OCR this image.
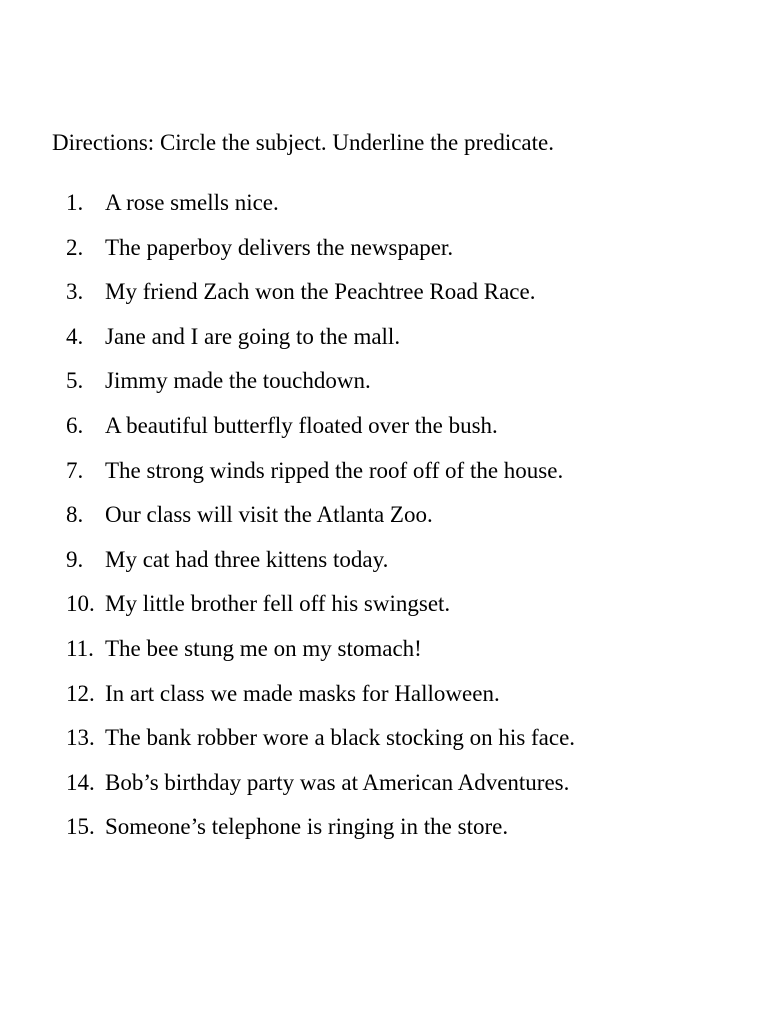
Directions: Circle the subject. Underline the predicate.
1. A rose smells nice.
2. The paperboy delivers the newspaper.
3. My friend Zach won the Peachtree Road Race.
4. Jane and I are going to the mall.
5. Jimmy made the touchdown.
6. A beautiful butterfly floated over the bush.
7. The strong winds ripped the roof off of the house.
8. Our class will visit the Atlanta Zoo.
9. My cat had three kittens today.
10. My little brother fell off his swingset.
11. The bee stung me on my stomach!
12. In art class we made masks for Halloween.
13. The bank robber wore a black stocking on his face.
14. Bob’s birthday party was at American Adventures.
15. Someone’s telephone is ringing in the store.
